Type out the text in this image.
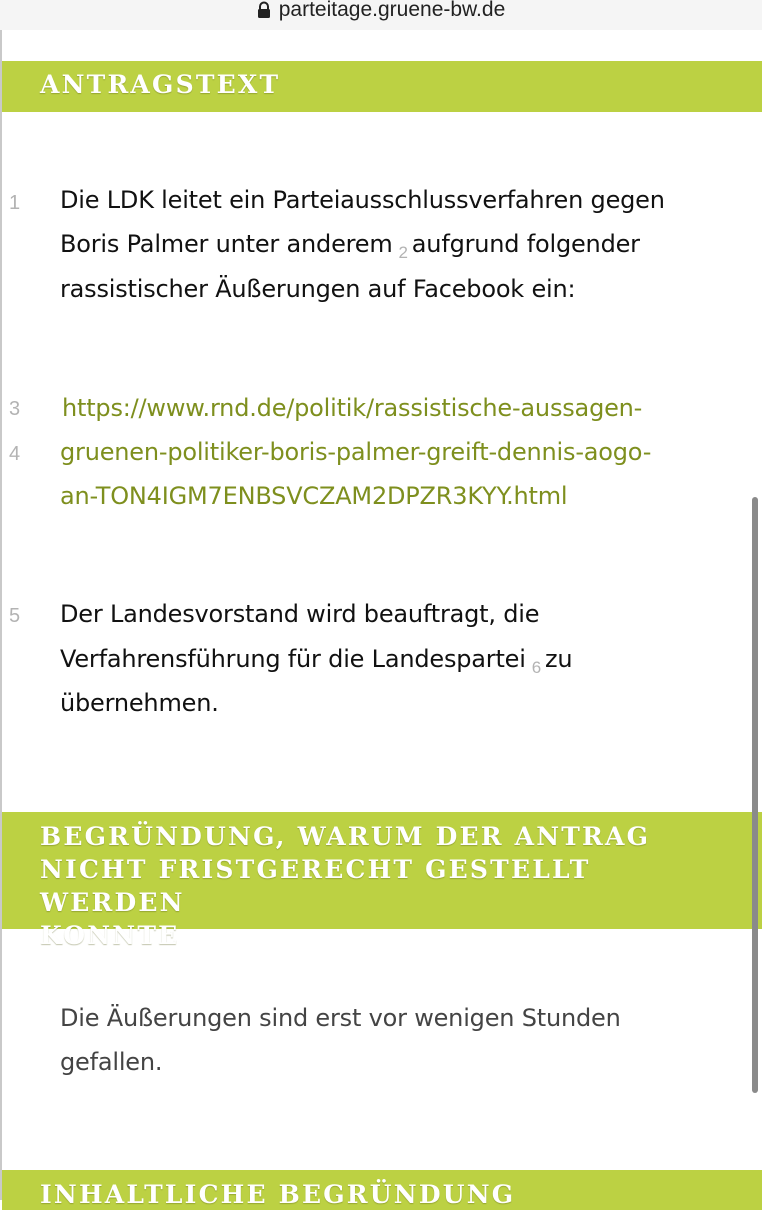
parteitage.gruene-bw.de
ANTRAGSTEXT
1 Die LDK leitet ein Parteiausschlussverfahren gegen
Boris Palmer unter anderem $_2$ aufgrund folgender
rassistischer Äußerungen auf Facebook ein:
3 https://www.rnd.de/politik/rassistische-aussagen-
4 gruenen-politiker-boris-palmer-greift-dennis-aogo-
an-TON4IGM7ENBSVCZAM2DPZR3KYY.html
5 Der Landesvorstand wird beauftragt, die
Verfahrensführung für die Landespartei $_6$ zu
übernehmen.
BEGRÜNDUNG, WARUM DER ANTRAG
NICHT FRISTGERECHT GESTELLT WERDEN
KONNTE
Die Äußerungen sind erst vor wenigen Stunden
gefallen.
INHALTLICHE BEGRÜNDUNG
